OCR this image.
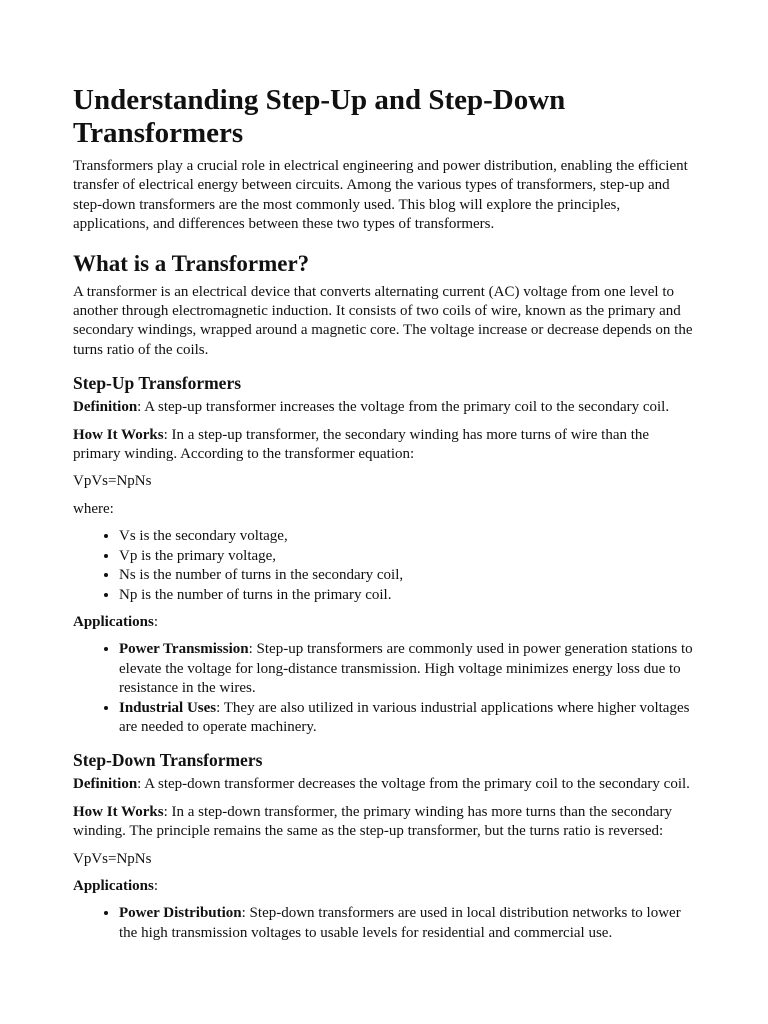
Understanding Step-Up and Step-Down Transformers

Transformers play a crucial role in electrical engineering and power distribution, enabling the efficient transfer of electrical energy between circuits. Among the various types of transformers, step-up and step-down transformers are the most commonly used. This blog will explore the principles, applications, and differences between these two types of transformers.

What is a Transformer?

A transformer is an electrical device that converts alternating current (AC) voltage from one level to another through electromagnetic induction. It consists of two coils of wire, known as the primary and secondary windings, wrapped around a magnetic core. The voltage increase or decrease depends on the turns ratio of the coils.

Step-Up Transformers

Definition: A step-up transformer increases the voltage from the primary coil to the secondary coil.

How It Works: In a step-up transformer, the secondary winding has more turns of wire than the primary winding. According to the transformer equation:

VpVs=NpNs

where:

• Vs is the secondary voltage,
• Vp is the primary voltage,
• Ns is the number of turns in the secondary coil,
• Np is the number of turns in the primary coil.

Applications:

• Power Transmission: Step-up transformers are commonly used in power generation stations to elevate the voltage for long-distance transmission. High voltage minimizes energy loss due to resistance in the wires.
• Industrial Uses: They are also utilized in various industrial applications where higher voltages are needed to operate machinery.
Step-Down Transformers

Definition: A step-down transformer decreases the voltage from the primary coil to the secondary coil.

How It Works: In a step-down transformer, the primary winding has more turns than the secondary winding. The principle remains the same as the step-up transformer, but the turns ratio is reversed:

VpVs=NpNs

Applications:

• Power Distribution: Step-down transformers are used in local distribution networks to lower the high transmission voltages to usable levels for residential and commercial use.
